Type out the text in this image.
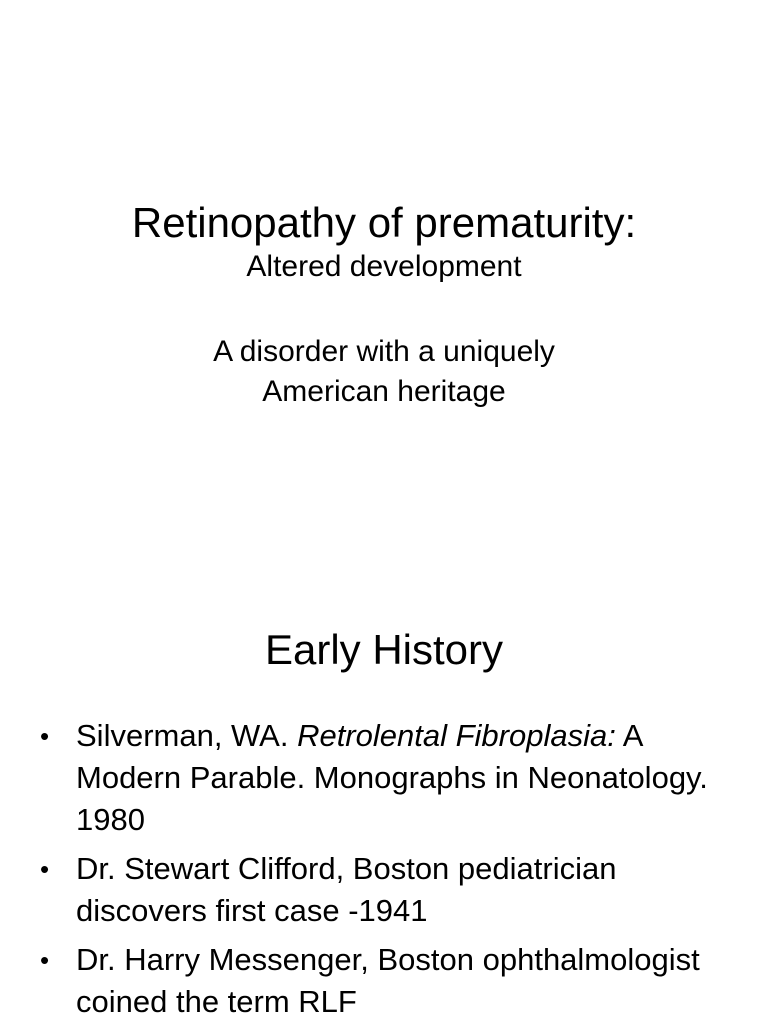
Retinopathy of prematurity:

Altered development

A disorder with a uniquely

American heritage

Early History
• Silverman, WA. Retrolental Fibroplasia: A Modern Parable. Monographs in Neonatology. 1980
• Dr. Stewart Clifford, Boston pediatrician discovers first case -1941
• Dr. Harry Messenger, Boston ophthalmologist coined the term RLF
